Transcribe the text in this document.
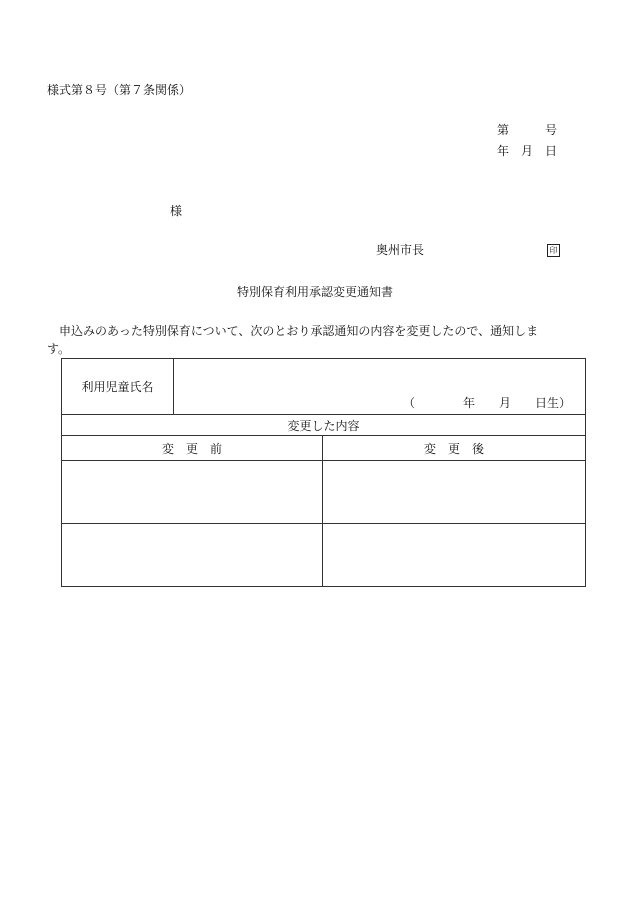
様式第８号（第７条関係）
第　　　号
年　月　日
様
奥州市長	印
特別保育利用承認変更通知書
　申込みのあった特別保育について、次のとおり承認通知の内容を変更したので、通知しま
す。
利用児童氏名	（　　　　年　　月　　日生）	

変更した内容		
変　更　前		変　更　後
